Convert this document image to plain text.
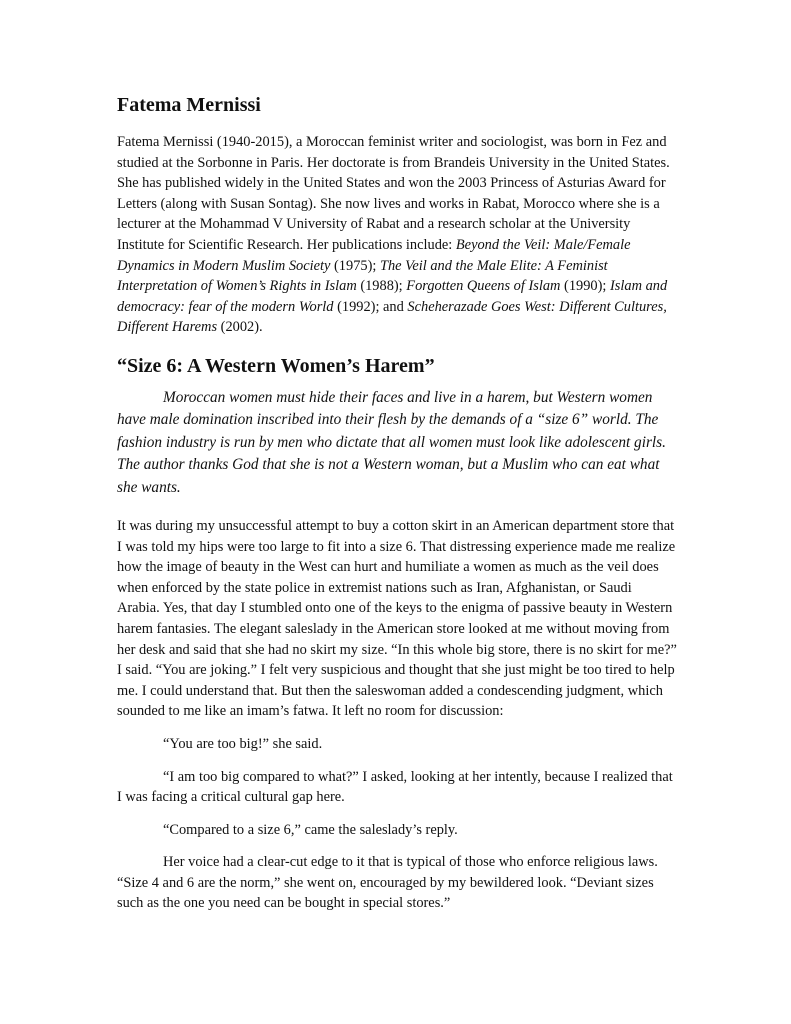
Fatema Mernissi

Fatema Mernissi (1940-2015), a Moroccan feminist writer and sociologist, was born in Fez and studied at the Sorbonne in Paris. Her doctorate is from Brandeis University in the United States. She has published widely in the United States and won the 2003 Princess of Asturias Award for Letters (along with Susan Sontag). She now lives and works in Rabat, Morocco where she is a lecturer at the Mohammad V University of Rabat and a research scholar at the University Institute for Scientific Research. Her publications include: Beyond the Veil: Male/Female Dynamics in Modern Muslim Society (1975); The Veil and the Male Elite: A Feminist Interpretation of Women’s Rights in Islam (1988); Forgotten Queens of Islam (1990); Islam and democracy: fear of the modern World (1992); and Scheherazade Goes West: Different Cultures, Different Harems (2002).

“Size 6: A Western Women’s Harem”

Moroccan women must hide their faces and live in a harem, but Western women have male domination inscribed into their flesh by the demands of a “size 6” world. The fashion industry is run by men who dictate that all women must look like adolescent girls. The author thanks God that she is not a Western woman, but a Muslim who can eat what she wants.

It was during my unsuccessful attempt to buy a cotton skirt in an American department store that I was told my hips were too large to fit into a size 6. That distressing experience made me realize how the image of beauty in the West can hurt and humiliate a women as much as the veil does when enforced by the state police in extremist nations such as Iran, Afghanistan, or Saudi Arabia. Yes, that day I stumbled onto one of the keys to the enigma of passive beauty in Western harem fantasies. The elegant saleslady in the American store looked at me without moving from her desk and said that she had no skirt my size. “In this whole big store, there is no skirt for me?” I said. “You are joking.” I felt very suspicious and thought that she just might be too tired to help me. I could understand that. But then the saleswoman added a condescending judgment, which sounded to me like an imam’s fatwa. It left no room for discussion:

“You are too big!” she said.

“I am too big compared to what?” I asked, looking at her intently, because I realized that I was facing a critical cultural gap here.

“Compared to a size 6,” came the saleslady’s reply.

Her voice had a clear-cut edge to it that is typical of those who enforce religious laws. “Size 4 and 6 are the norm,” she went on, encouraged by my bewildered look. “Deviant sizes such as the one you need can be bought in special stores.”
